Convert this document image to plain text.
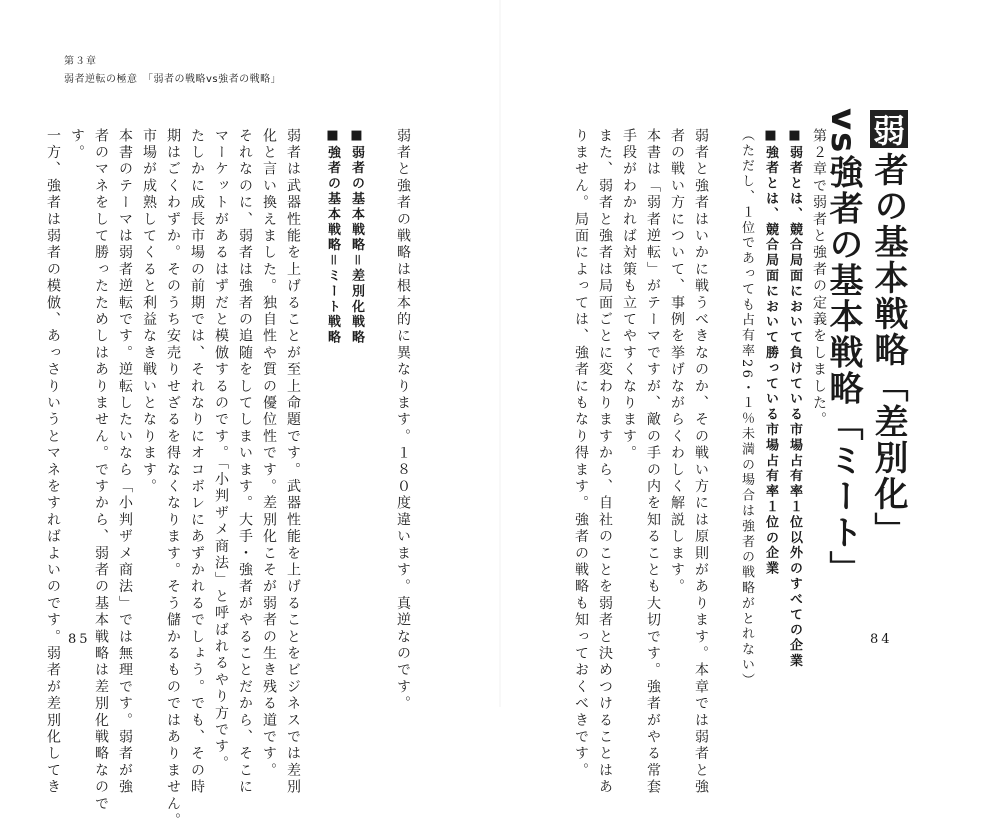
第３章
弱者逆転の極意　「弱者の戦略vs強者の戦略」
弱
者の基本戦略「差別化」
vs強者の基本戦略「ミート」
第２章で弱者と強者の定義をしました。
■弱者とは、競合局面において負けている市場占有率１位以外のすべての企業
■強者とは、競合局面において勝っている市場占有率１位の企業
（ただし、１位であっても占有率26・１％未満の場合は強者の戦略がとれない）
弱者と強者はいかに戦うべきなのか、その戦い方には原則があります。本章では弱者と強
者の戦い方について、事例を挙げながらくわしく解説します。
本書は「弱者逆転」がテーマですが、敵の手の内を知ることも大切です。強者がやる常套
手段がわかれば対策も立てやすくなります。
また、弱者と強者は局面ごとに変わりますから、自社のことを弱者と決めつけることはあ
りません。局面によっては、強者にもなり得ます。強者の戦略も知っておくべきです。
弱者と強者の戦略は根本的に異なります。１８０度違います。真逆なのです。
■弱者の基本戦略＝差別化戦略
■強者の基本戦略＝ミート戦略
弱者は武器性能を上げることが至上命題です。武器性能を上げることをビジネスでは差別
化と言い換えました。独自性や質の優位性です。差別化こそが弱者の生き残る道です。
それなのに、弱者は強者の追随をしてしまいます。大手・強者がやることだから、そこに
マーケットがあるはずだと模倣するのです。「小判ザメ商法」と呼ばれるやり方です。
たしかに成長市場の前期では、それなりにオコボレにあずかれるでしょう。でも、その時
期はごくわずか。そのうち安売りせざるを得なくなります。そう儲かるものではありません。
市場が成熟してくると利益なき戦いとなります。
本書のテーマは弱者逆転です。逆転したいなら「小判ザメ商法」では無理です。弱者が強
者のマネをして勝ったためしはありません。ですから、弱者の基本戦略は差別化戦略なので
す。
一方、強者は弱者の模倣、あっさりいうとマネをすればよいのです。弱者が差別化してき 85	84
